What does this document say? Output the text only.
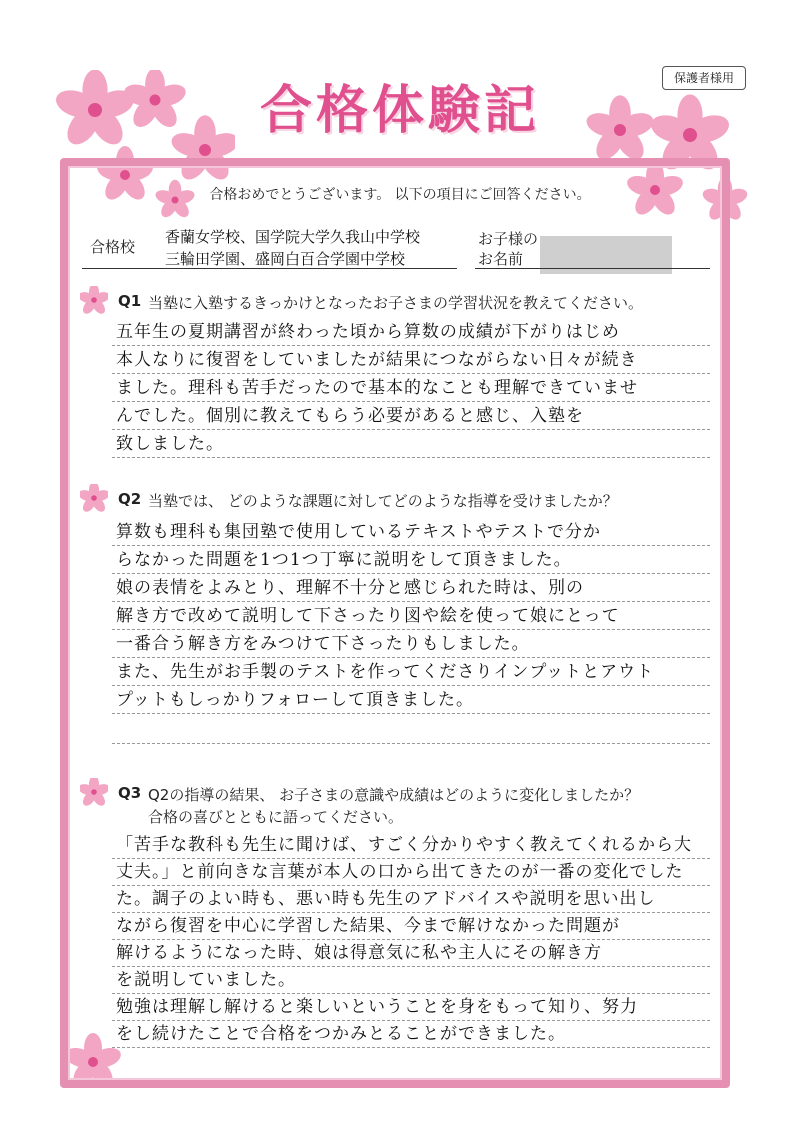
保護者様用
合格体験記
合格おめでとうございます。 以下の項目にご回答ください。
合格校
香蘭女学校、国学院大学久我山中学校
三輪田学園、盛岡白百合学園中学校
お子様の
お名前
Q1 当塾に入塾するきっかけとなったお子さまの学習状況を教えてください。
五年生の夏期講習が終わった頃から算数の成績が下がりはじめ
本人なりに復習をしていましたが結果につながらない日々が続き
ました。理科も苦手だったので基本的なことも理解できていませ
んでした。個別に教えてもらう必要があると感じ、入塾を
致しました。
Q2 当塾では、 どのような課題に対してどのような指導を受けましたか？
算数も理科も集団塾で使用しているテキストやテストで分か
らなかった問題を1つ1つ丁寧に説明をして頂きました。
娘の表情をよみとり、理解不十分と感じられた時は、別の
解き方で改めて説明して下さったり図や絵を使って娘にとって
一番合う解き方をみつけて下さったりもしました。
また、先生がお手製のテストを作ってくださりインプットとアウト
プットもしっかりフォローして頂きました。
Q3 Q2の指導の結果、 お子さまの意識や成績はどのように変化しましたか？
合格の喜びとともに語ってください。
「苦手な教科も先生に聞けば、すごく分かりやすく教えてくれるから大
丈夫。」と前向きな言葉が本人の口から出てきたのが一番の変化でした
た。調子のよい時も、悪い時も先生のアドバイスや説明を思い出し
ながら復習を中心に学習した結果、今まで解けなかった問題が
解けるようになった時、娘は得意気に私や主人にその解き方
を説明していました。
勉強は理解し解けると楽しいということを身をもって知り、努力
をし続けたことで合格をつかみとることができました。
